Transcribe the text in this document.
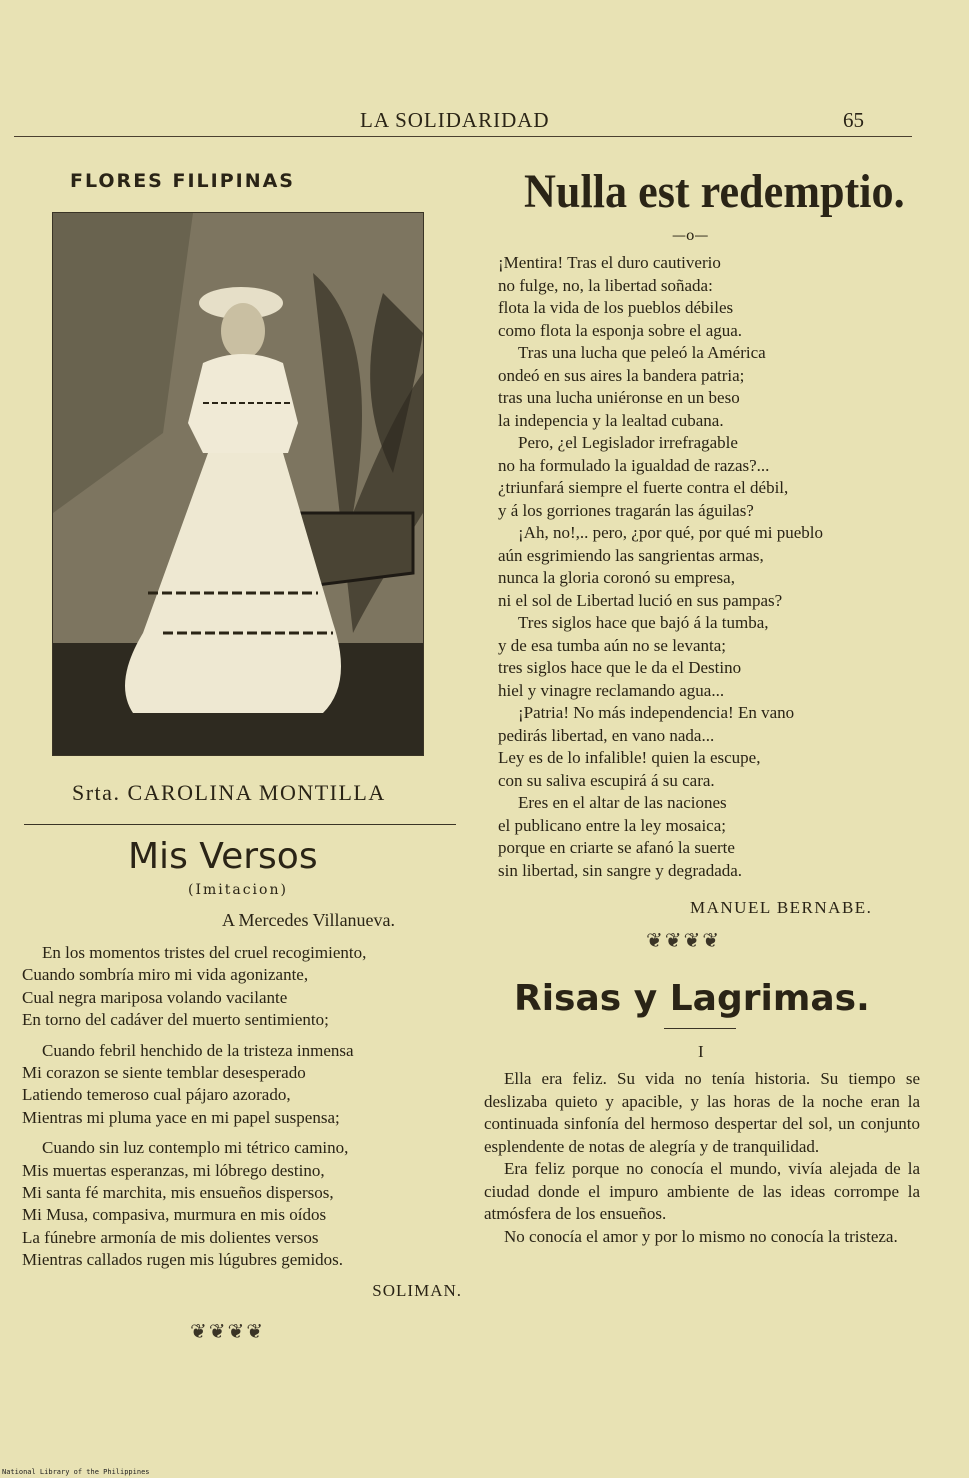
LA SOLIDARIDAD	65
FLORES FILIPINAS
Srta. CAROLINA MONTILLA
Mis Versos
(Imitacion)
A Mercedes Villanueva.
En los momentos tristes del cruel recogimiento,
Cuando sombría miro mi vida agonizante,
Cual negra mariposa volando vacilante
En torno del cadáver del muerto sentimiento;
Cuando febril henchido de la tristeza inmensa
Mi corazon se siente temblar desesperado
Latiendo temeroso cual pájaro azorado,
Mientras mi pluma yace en mi papel suspensa;
Cuando sin luz contemplo mi tétrico camino,
Mis muertas esperanzas, mi lóbrego destino,
Mi santa fé marchita, mis ensueños dispersos,
Mi Musa, compasiva, murmura en mis oídos
La fúnebre armonía de mis dolientes versos
Mientras callados rugen mis lúgubres gemidos.
SOLIMAN.
❦❦❦❦
Nulla est redemptio.
—o—
¡Mentira! Tras el duro cautiverio
no fulge, no, la libertad soñada:
flota la vida de los pueblos débiles
como flota la esponja sobre el agua.
Tras una lucha que peleó la América
ondeó en sus aires la bandera patria;
tras una lucha uniéronse en un beso
la indepencia y la lealtad cubana.
Pero, ¿el Legislador irrefragable
no ha formulado la igualdad de razas?...
¿triunfará siempre el fuerte contra el débil,
y á los gorriones tragarán las águilas?
¡Ah, no!,.. pero, ¿por qué, por qué mi pueblo
aún esgrimiendo las sangrientas armas,
nunca la gloria coronó su empresa,
ni el sol de Libertad lució en sus pampas?
Tres siglos hace que bajó á la tumba,
y de esa tumba aún no se levanta;
tres siglos hace que le da el Destino
hiel y vinagre reclamando agua...
¡Patria! No más independencia! En vano
pedirás libertad, en vano nada...
Ley es de lo infalible! quien la escupe,
con su saliva escupirá á su cara.
Eres en el altar de las naciones
el publicano entre la ley mosaica;
porque en criarte se afanó la suerte
sin libertad, sin sangre y degradada.
MANUEL BERNABE.
❦❦❦❦
Risas y Lagrimas.
I

Ella era feliz. Su vida no tenía historia. Su tiempo se deslizaba quieto y apacible, y las horas de la noche eran la continuada sinfonía del hermoso despertar del sol, un conjunto esplendente de notas de alegría y de tranquilidad.

Era feliz porque no conocía el mundo, vivía alejada de la ciudad donde el impuro ambiente de las ideas corrompe la atmósfera de los ensueños.

No conocía el amor y por lo mismo no conocía la tristeza.

National Library of the Philippines
